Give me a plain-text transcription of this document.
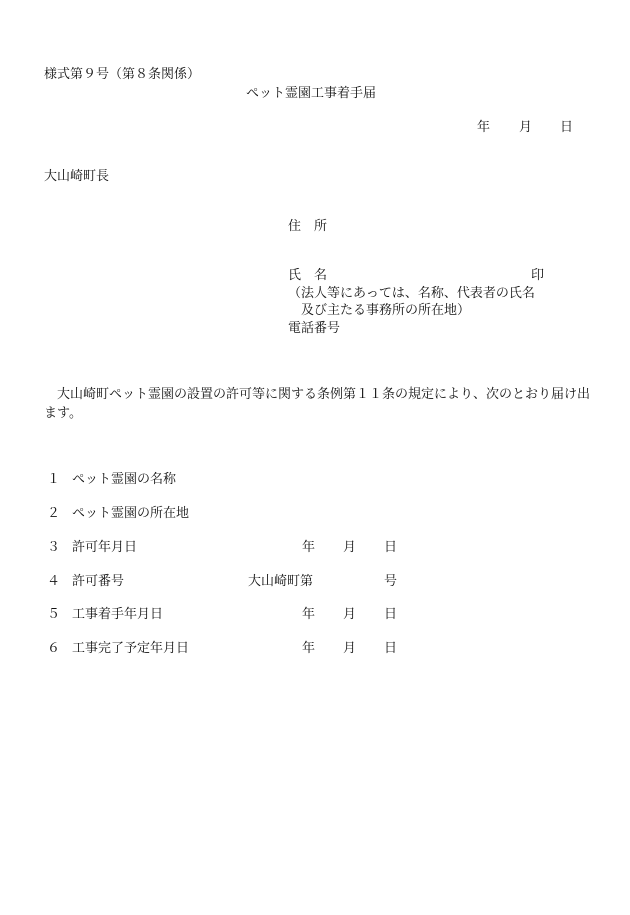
様式第９号（第８条関係）
ペット霊園工事着手届
年 月 日
大山崎町長
住　所
氏　名	印
（法人等にあっては、名称、代表者の氏名
及び主たる事務所の所在地）
電話番号
大山崎町ペット霊園の設置の許可等に関する条例第１１条の規定により、次のとおり届け出ます。
１ ペット霊園の名称
２ ペット霊園の所在地
３ 許可年月日	年 月 日
４ 許可番号	大山崎町第	号
５ 工事着手年月日	年 月 日
６ 工事完了予定年月日	年 月 日
